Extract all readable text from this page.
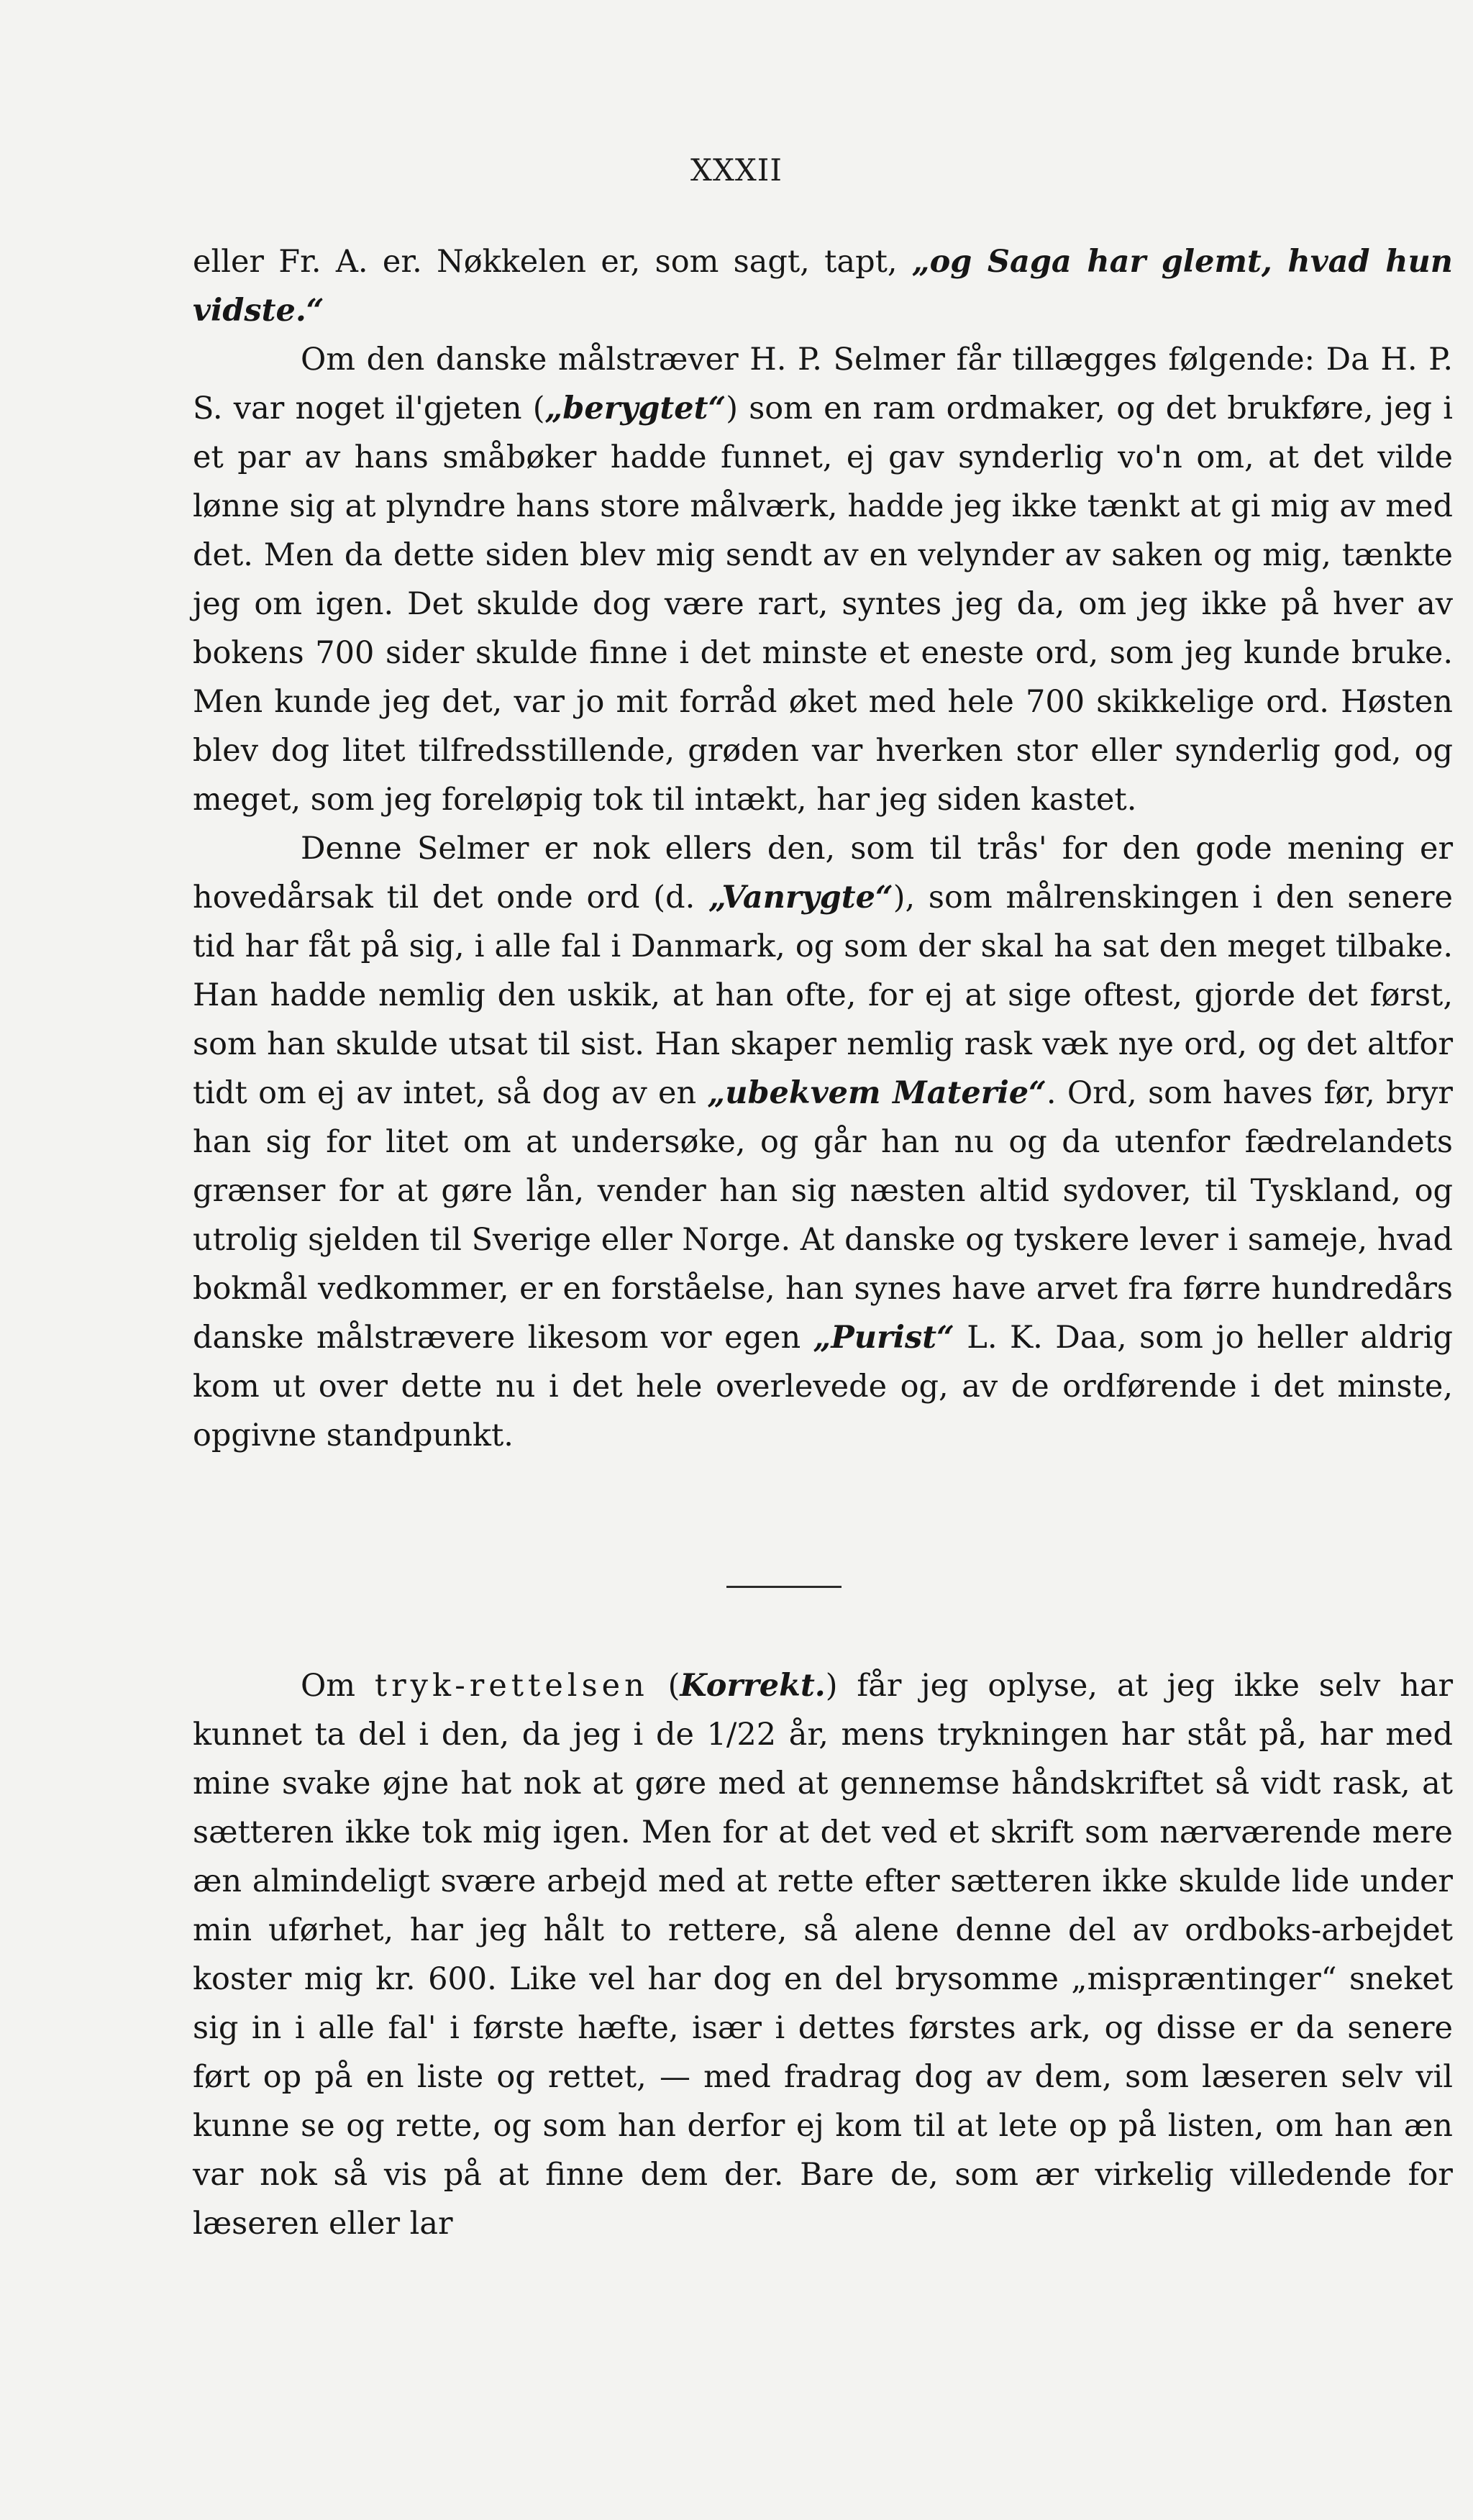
XXXII

eller Fr. A. er. Nøkkelen er, som sagt, tapt, „og Saga har glemt, hvad hun vidste.“

Om den danske målstræver H. P. Selmer får tillægges følgende: Da H. P. S. var noget il'gjeten („berygtet“) som en ram ordmaker, og det brukføre, jeg i et par av hans småbøker hadde funnet, ej gav synderlig vo'n om, at det vilde lønne sig at plyndre hans store målværk, hadde jeg ikke tænkt at gi mig av med det. Men da dette siden blev mig sendt av en velynder av saken og mig, tænkte jeg om igen. Det skulde dog være rart, syntes jeg da, om jeg ikke på hver av bokens 700 sider skulde finne i det minste et eneste ord, som jeg kunde bruke. Men kunde jeg det, var jo mit forråd øket med hele 700 skikkelige ord. Høsten blev dog litet tilfredsstillende, grøden var hverken stor eller synderlig god, og meget, som jeg foreløpig tok til intækt, har jeg siden kastet.

Denne Selmer er nok ellers den, som til trås' for den gode mening er hovedårsak til det onde ord (d. „Vanrygte“), som målrenskingen i den senere tid har fåt på sig, i alle fal i Danmark, og som der skal ha sat den meget tilbake. Han hadde nemlig den uskik, at han ofte, for ej at sige oftest, gjorde det først, som han skulde utsat til sist. Han skaper nemlig rask væk nye ord, og det altfor tidt om ej av intet, så dog av en „ubekvem Materie“. Ord, som haves før, bryr han sig for litet om at undersøke, og går han nu og da utenfor fædrelandets grænser for at gøre lån, vender han sig næsten altid sydover, til Tyskland, og utrolig sjelden til Sverige eller Norge. At danske og tyskere lever i sameje, hvad bokmål vedkommer, er en forståelse, han synes have arvet fra førre hundredårs danske målstrævere likesom vor egen „Purist“ L. K. Daa, som jo heller aldrig kom ut over dette nu i det hele overlevede og, av de ordførende i det minste, opgivne standpunkt.

Om tryk-rettelsen (Korrekt.) får jeg oplyse, at jeg ikke selv har kunnet ta del i den, da jeg i de 1/22 år, mens trykningen har ståt på, har med mine svake øjne hat nok at gøre med at gennemse håndskriftet så vidt rask, at sætteren ikke tok mig igen. Men for at det ved et skrift som nærværende mere æn almindeligt svære arbejd med at rette efter sætteren ikke skulde lide under min uførhet, har jeg hålt to rettere, så alene denne del av ordboks-arbejdet koster mig kr. 600. Like vel har dog en del brysomme „mispræntinger“ sneket sig in i alle fal' i første hæfte, især i dettes førstes ark, og disse er da senere ført op på en liste og rettet, — med fradrag dog av dem, som læseren selv vil kunne se og rette, og som han derfor ej kom til at lete op på listen, om han æn var nok så vis på at finne dem der. Bare de, som ær virkelig villedende for læseren eller lar
